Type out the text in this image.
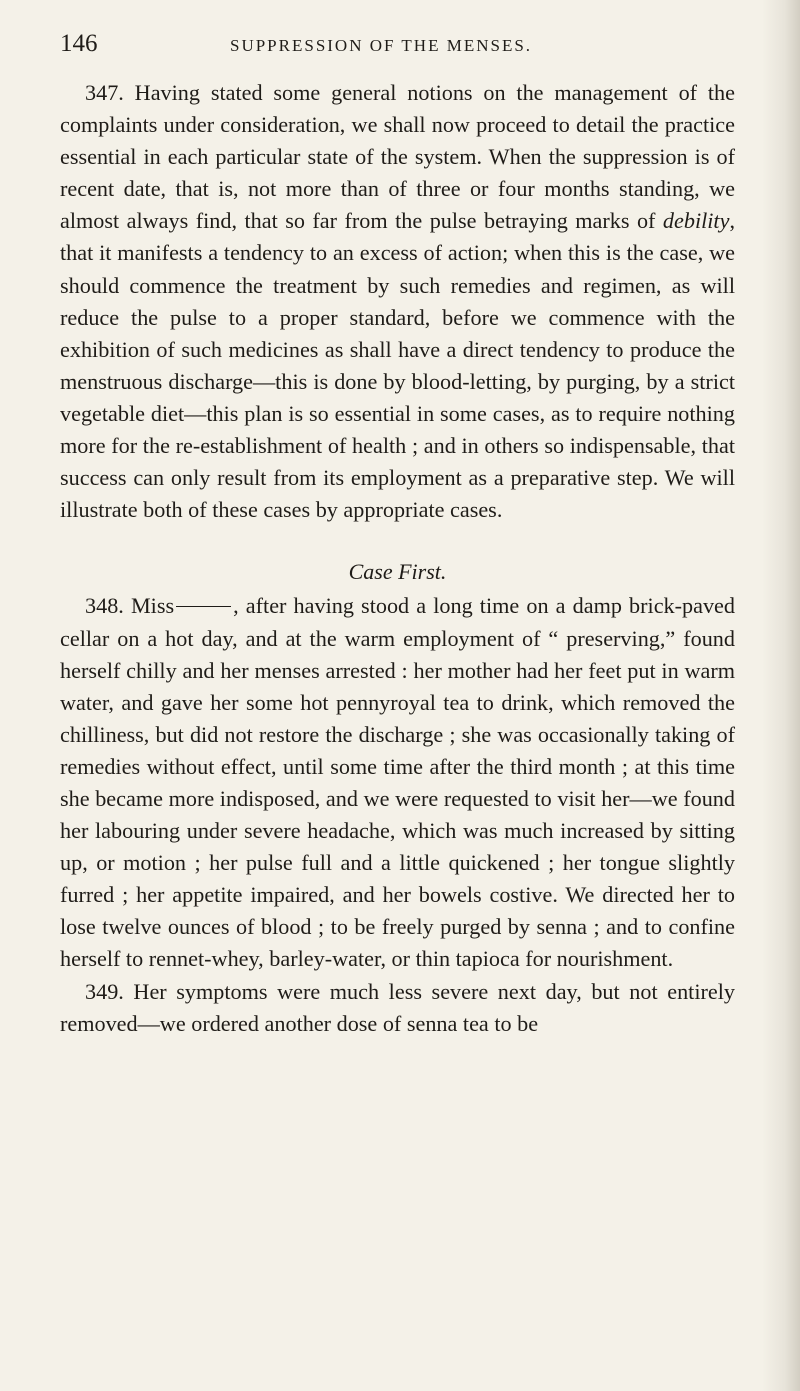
146	SUPPRESSION OF THE MENSES.

347. Having stated some general notions on the management of the complaints under consideration, we shall now proceed to detail the practice essential in each particular state of the system. When the suppression is of recent date, that is, not more than of three or four months standing, we almost always find, that so far from the pulse betraying marks of debility, that it manifests a tendency to an excess of action; when this is the case, we should commence the treatment by such remedies and regimen, as will reduce the pulse to a proper standard, before we commence with the exhibition of such medicines as shall have a direct tendency to produce the menstruous discharge—this is done by blood-letting, by purging, by a strict vegetable diet—this plan is so essential in some cases, as to require nothing more for the re-establishment of health ; and in others so indispensable, that success can only result from its employment as a preparative step. We will illustrate both of these cases by appropriate cases.

Case First.

348. Miss	, after having stood a long time on a damp brick-paved cellar on a hot day, and at the warm employment of “ preserving,” found herself chilly and her menses arrested : her mother had her feet put in warm water, and gave her some hot pennyroyal tea to drink, which removed the chilliness, but did not restore the discharge ; she was occasionally taking of remedies without effect, until some time after the third month ; at this time she became more indisposed, and we were requested to visit her—we found her labouring under severe headache, which was much increased by sitting up, or motion ; her pulse full and a little quickened ; her tongue slightly furred ; her appetite impaired, and her bowels costive. We directed her to lose twelve ounces of blood ; to be freely purged by senna ; and to confine herself to rennet-whey, barley-water, or thin tapioca for nourishment.

349. Her symptoms were much less severe next day, but not entirely removed—we ordered another dose of senna tea to be
